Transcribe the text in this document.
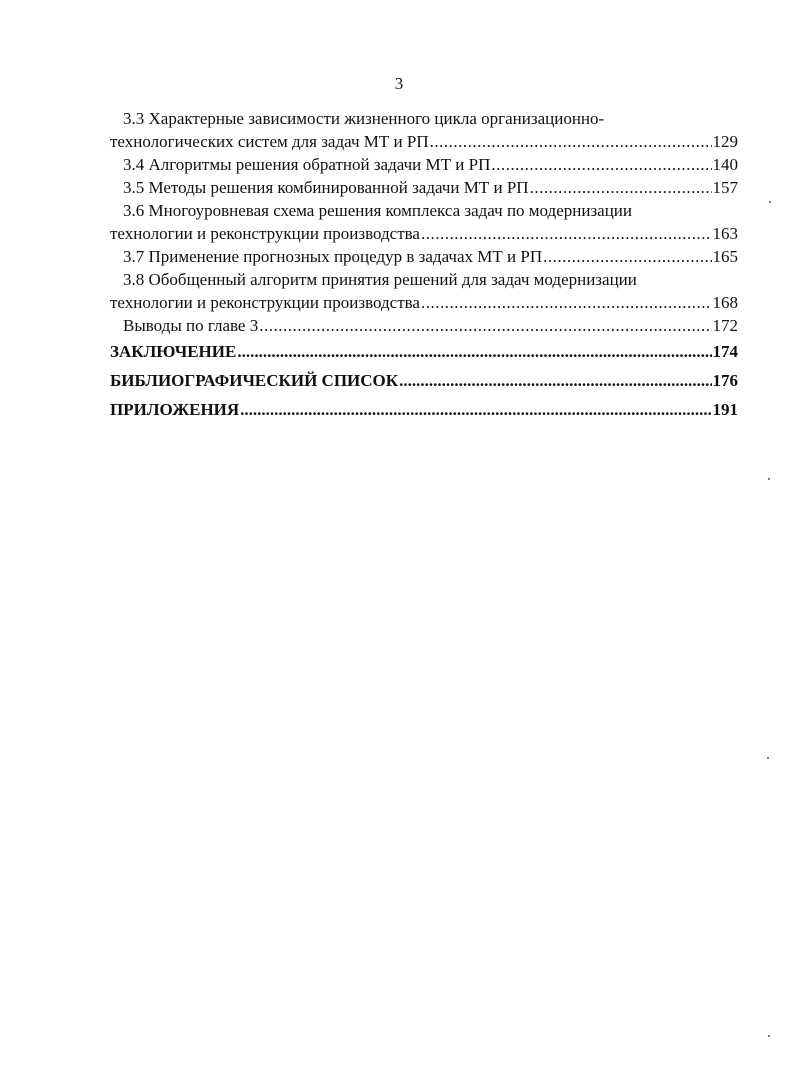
3
3.3 Характерные зависимости жизненного цикла организационно-
технологических систем для задач МТ и РП .....	129
3.4 Алгоритмы решения обратной задачи МТ и РП .....	140
3.5 Методы решения комбинированной задачи МТ и РП .....	157
3.6 Многоуровневая схема решения комплекса задач по модернизации
технологии и реконструкции производства .....	163
3.7 Применение прогнозных процедур в задачах МТ и РП .....	165
3.8 Обобщенный алгоритм принятия решений для задач модернизации
технологии и реконструкции производства .....	168
Выводы по главе 3 .....	172
ЗАКЛЮЧЕНИЕ .....	174
БИБЛИОГРАФИЧЕСКИЙ СПИСОК .....	176
ПРИЛОЖЕНИЯ .....	191
